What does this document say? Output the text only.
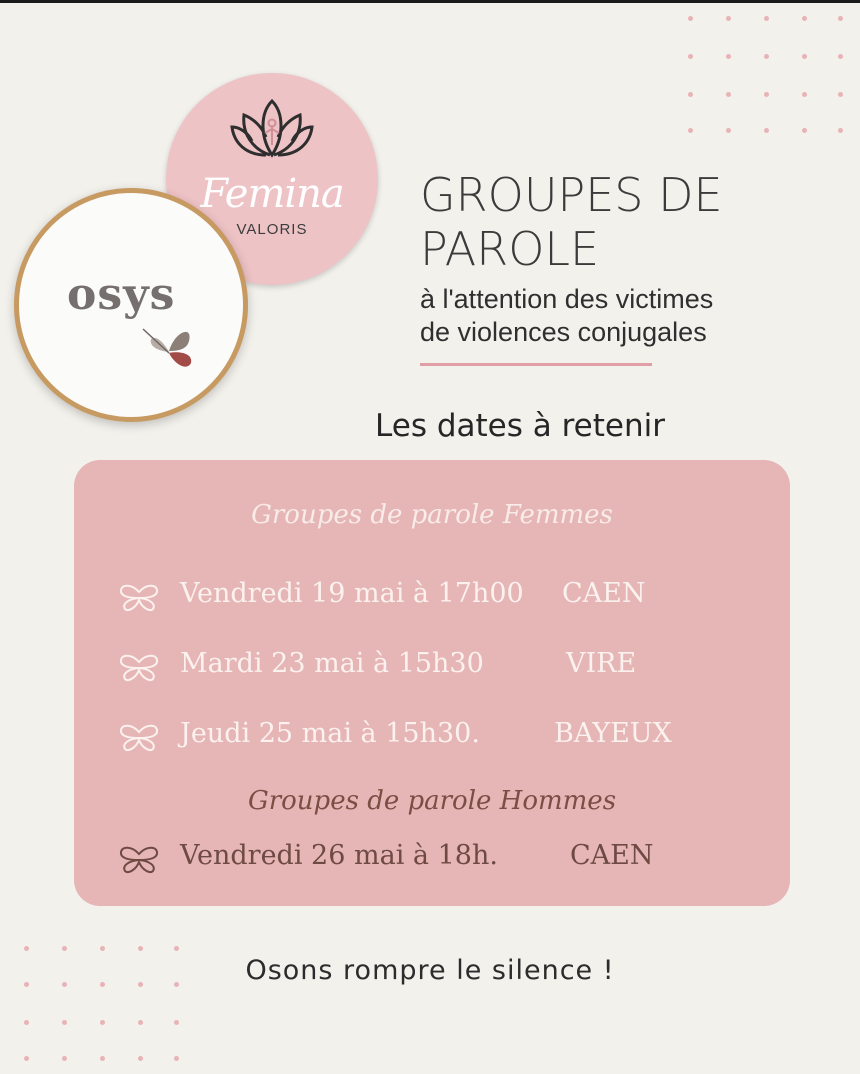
Femina
VALORIS
osys
GROUPES DE
PAROLE
à l'attention des victimes
de violences conjugales
Les dates à retenir
Groupes de parole Femmes
Vendredi 19 mai à 17h00 CAEN
Mardi 23 mai à 15h30	VIRE
Jeudi 25 mai à 15h30.	BAYEUX
Groupes de parole Hommes
Vendredi 26 mai à 18h.	CAEN
Osons rompre le silence !
